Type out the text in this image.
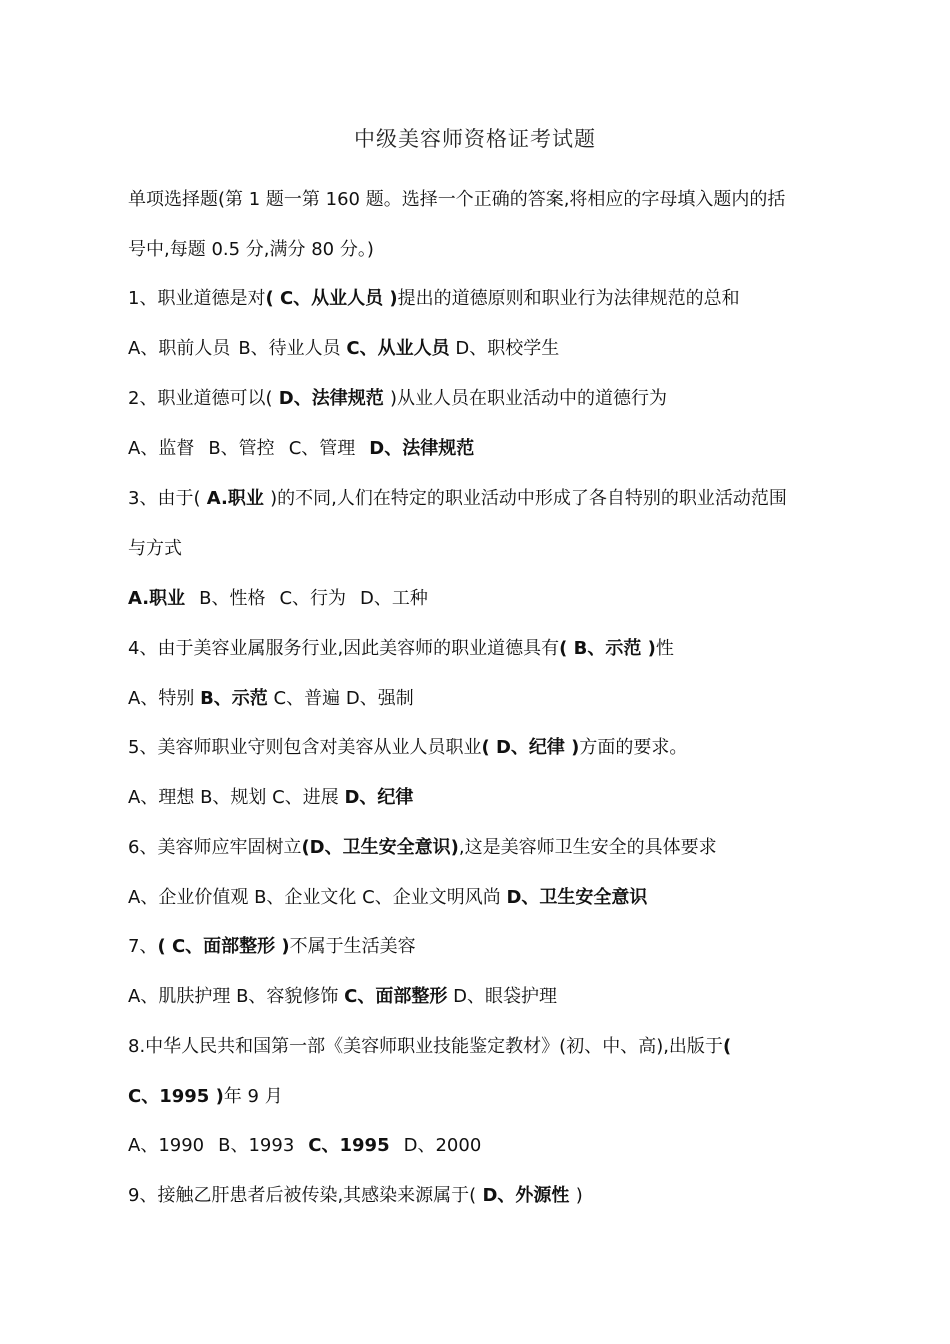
中级美容师资格证考试题
单项选择题(第 1 题一第 160 题。选择一个正确的答案,将相应的字母填入题内的括
号中,每题 0.5 分,满分 80 分。)
1、职业道德是对( C、从业人员 )提出的道德原则和职业行为法律规范的总和
A、职前人员 B、待业人员 C、从业人员 D、职校学生
2、职业道德可以( D、法律规范 )从业人员在职业活动中的道德行为
A、监督 B、管控 C、管理 D、法律规范
3、由于( A.职业 )的不同,人们在特定的职业活动中形成了各自特别的职业活动范围
与方式
A.职业 B、性格 C、行为 D、工种
4、由于美容业属服务行业,因此美容师的职业道德具有( B、示范 )性
A、特别 B、示范 C、普遍 D、强制
5、美容师职业守则包含对美容从业人员职业( D、纪律 )方面的要求。
A、理想 B、规划 C、进展 D、纪律
6、美容师应牢固树立(D、卫生安全意识),这是美容师卫生安全的具体要求
A、企业价值观 B、企业文化 C、企业文明风尚 D、卫生安全意识
7、( C、面部整形 )不属于生活美容
A、肌肤护理 B、容貌修饰 C、面部整形 D、眼袋护理
8.中华人民共和国第一部《美容师职业技能鉴定教材》(初、中、高),出版于(
C、1995 )年 9 月
A、1990 B、1993 C、1995 D、2000
9、接触乙肝患者后被传染,其感染来源属于( D、外源性 )
